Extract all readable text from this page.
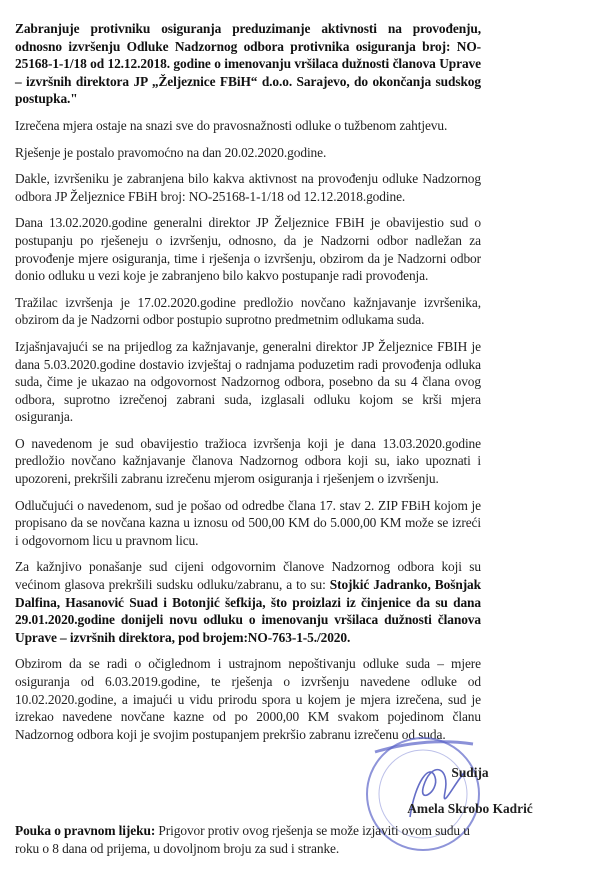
Zabranjuje protivniku osiguranja preduzimanje aktivnosti na provođenju, odnosno izvršenju Odluke Nadzornog odbora protivnika osiguranja broj: NO-25168-1-1/18 od 12.12.2018. godine o imenovanju vršilaca dužnosti članova Uprave – izvršnih direktora JP „Željeznice FBiH“ d.o.o. Sarajevo, do okončanja sudskog postupka."
Izrečena mjera ostaje na snazi sve do pravosnažnosti odluke o tužbenom zahtjevu.
Rješenje je postalo pravomoćno na dan 20.02.2020.godine.
Dakle, izvršeniku je zabranjena bilo kakva aktivnost na provođenju odluke Nadzornog odbora JP Željeznice FBiH broj: NO-25168-1-1/18 od 12.12.2018.godine.
Dana 13.02.2020.godine generalni direktor JP Željeznice FBiH je obavijestio sud o postupanju po rješeneju o izvršenju, odnosno, da je Nadzorni odbor nadležan za provođenje mjere osiguranja, time i rješenja o izvršenju, obzirom da je Nadzorni odbor donio odluku u vezi koje je zabranjeno bilo kakvo postupanje radi provođenja.
Tražilac izvršenja je 17.02.2020.godine predložio novčano kažnjavanje izvršenika, obzirom da je Nadzorni odbor postupio suprotno predmetnim odlukama suda.
Izjašnjavajući se na prijedlog za kažnjavanje, generalni direktor JP Željeznice FBIH je dana 5.03.2020.godine dostavio izvještaj o radnjama poduzetim radi provođenja odluka suda, čime je ukazao na odgovornost Nadzornog odbora, posebno da su 4 člana ovog odbora, suprotno izrečenoj zabrani suda, izglasali odluku kojom se krši mjera osiguranja.
O navedenom je sud obavijestio tražioca izvršenja koji je dana 13.03.2020.godine predložio novčano kažnjavanje članova Nadzornog odbora koji su, iako upoznati i upozoreni, prekršili zabranu izrečenu mjerom osiguranja i rješenjem o izvršenju.
Odlučujući o navedenom, sud je pošao od odredbe člana 17. stav 2. ZIP FBiH kojom je propisano da se novčana kazna u iznosu od 500,00 KM do 5.000,00 KM može se izreći i odgovornom licu u pravnom licu.
Za kažnjivo ponašanje sud cijeni odgovornim članove Nadzornog odbora koji su većinom glasova prekršili sudsku odluku/zabranu, a to su: Stojkić Jadranko, Bošnjak Dalfina, Hasanović Suad i Botonjić šefkija, što proizlazi iz činjenice da su dana 29.01.2020.godine donijeli novu odluku o imenovanju vršilaca dužnosti članova Uprave – izvršnih direktora, pod brojem:NO-763-1-5./2020.
Obzirom da se radi o očiglednom i ustrajnom nepoštivanju odluke suda – mjere osiguranja od 6.03.2019.godine, te rješenja o izvršenju navedene odluke od 10.02.2020.godine, a imajući u vidu prirodu spora u kojem je mjera izrečena, sud je izrekao navedene novčane kazne od po 2000,00 KM svakom pojedinom članu Nadzornog odbora koji je svojim postupanjem prekršio zabranu izrečenu od suda.
Sudija
Amela Skrobo Kadrić
Pouka o pravnom lijeku: Prigovor protiv ovog rješenja se može izjaviti ovom sudu u roku o 8 dana od prijema, u dovoljnom broju za sud i stranke.
